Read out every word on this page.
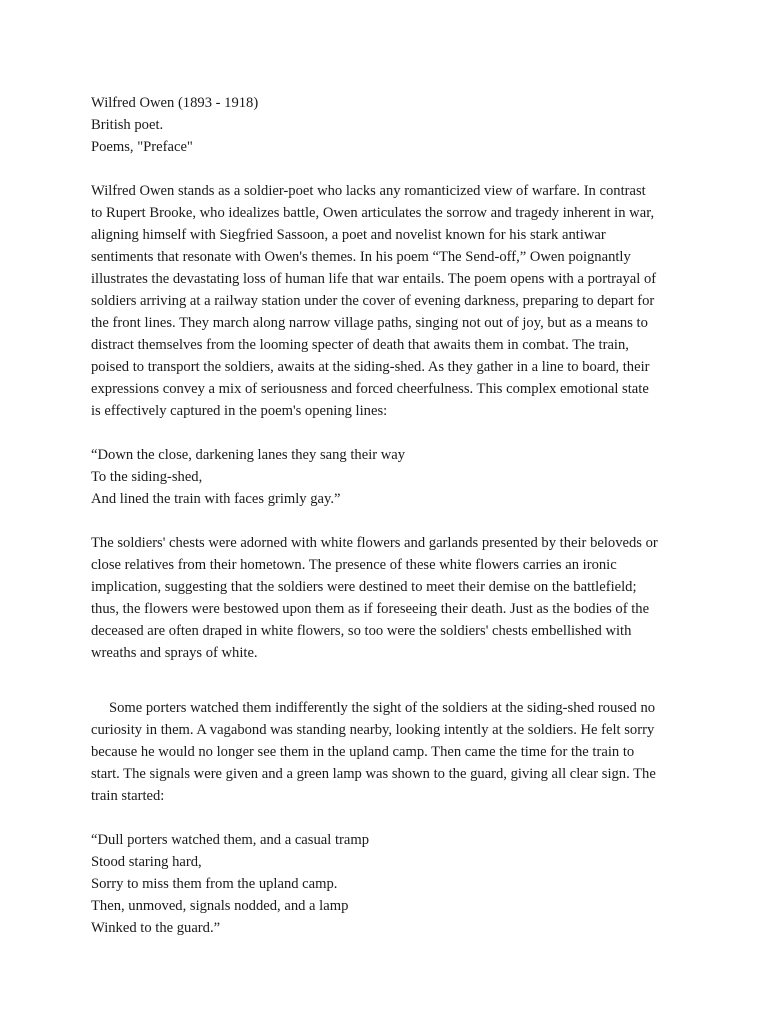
Wilfred Owen (1893 - 1918)
British poet.
Poems, "Preface"
Wilfred Owen stands as a soldier-poet who lacks any romanticized view of warfare. In contrast
to Rupert Brooke, who idealizes battle, Owen articulates the sorrow and tragedy inherent in war,
aligning himself with Siegfried Sassoon, a poet and novelist known for his stark antiwar
sentiments that resonate with Owen's themes. In his poem “The Send-off,” Owen poignantly
illustrates the devastating loss of human life that war entails. The poem opens with a portrayal of
soldiers arriving at a railway station under the cover of evening darkness, preparing to depart for
the front lines. They march along narrow village paths, singing not out of joy, but as a means to
distract themselves from the looming specter of death that awaits them in combat. The train,
poised to transport the soldiers, awaits at the siding-shed. As they gather in a line to board, their
expressions convey a mix of seriousness and forced cheerfulness. This complex emotional state
is effectively captured in the poem's opening lines:
“Down the close, darkening lanes they sang their way
To the siding-shed,
And lined the train with faces grimly gay.”
The soldiers' chests were adorned with white flowers and garlands presented by their beloveds or
close relatives from their hometown. The presence of these white flowers carries an ironic
implication, suggesting that the soldiers were destined to meet their demise on the battlefield;
thus, the flowers were bestowed upon them as if foreseeing their death. Just as the bodies of the
deceased are often draped in white flowers, so too were the soldiers' chests embellished with
wreaths and sprays of white.
Some porters watched them indifferently the sight of the soldiers at the siding-shed roused no
curiosity in them. A vagabond was standing nearby, looking intently at the soldiers. He felt sorry
because he would no longer see them in the upland camp. Then came the time for the train to
start. The signals were given and a green lamp was shown to the guard, giving all clear sign. The
train started:
“Dull porters watched them, and a casual tramp
Stood staring hard,
Sorry to miss them from the upland camp.
Then, unmoved, signals nodded, and a lamp
Winked to the guard.”
